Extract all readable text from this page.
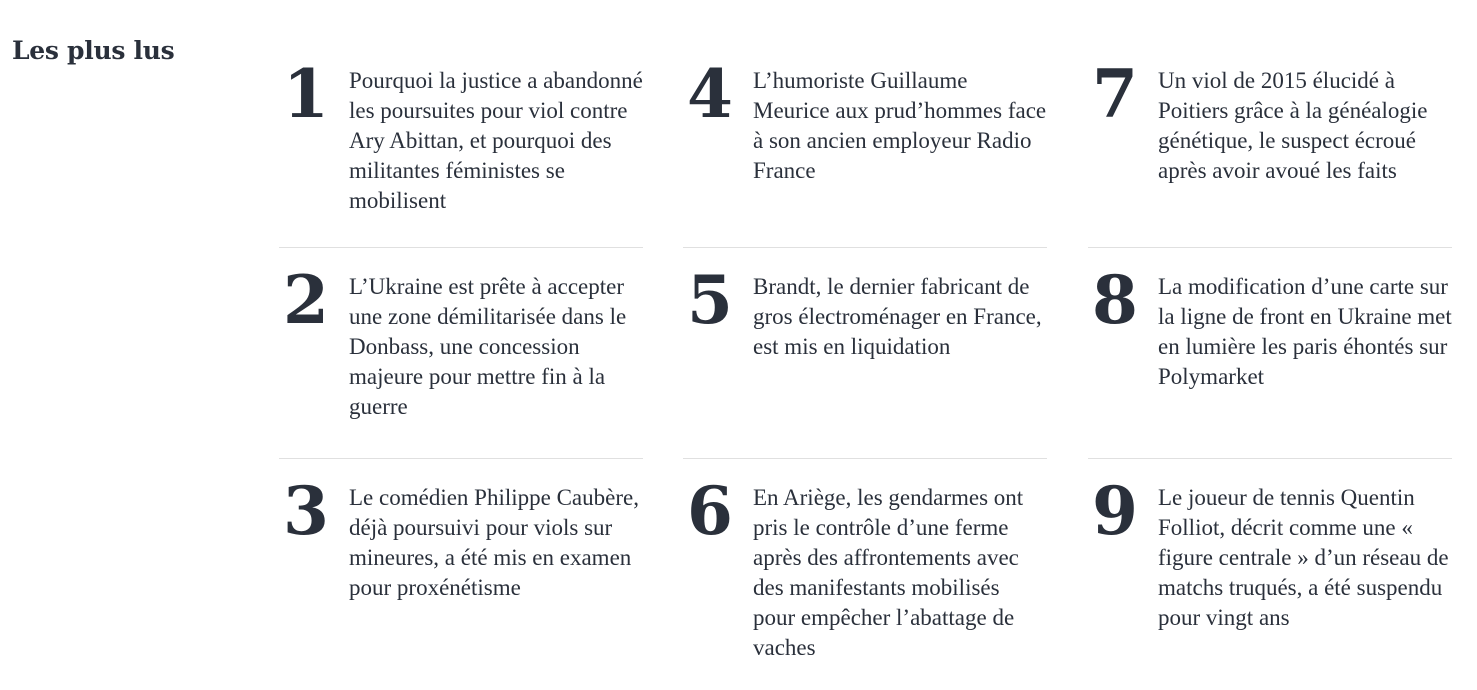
Les plus lus
1 Pourquoi la justice a abandonné les poursuites pour viol contre Ary Abittan, et pourquoi des militantes féministes se mobilisent
2 L’Ukraine est prête à accepter une zone démilitarisée dans le Donbass, une concession majeure pour mettre fin à la guerre
3 Le comédien Philippe Caubère, déjà poursuivi pour viols sur mineures, a été mis en examen pour proxénétisme
4 L’humoriste Guillaume Meurice aux prud’hommes face à son ancien employeur Radio France
5 Brandt, le dernier fabricant de gros électroménager en France, est mis en liquidation
6 En Ariège, les gendarmes ont pris le contrôle d’une ferme après des affrontements avec des manifestants mobilisés pour empêcher l’abattage de vaches
7 Un viol de 2015 élucidé à Poitiers grâce à la généalogie génétique, le suspect écroué après avoir avoué les faits
8 La modification d’une carte sur la ligne de front en Ukraine met en lumière les paris éhontés sur Polymarket
9 Le joueur de tennis Quentin Folliot, décrit comme une « figure centrale » d’un réseau de matchs truqués, a été suspendu pour vingt ans
